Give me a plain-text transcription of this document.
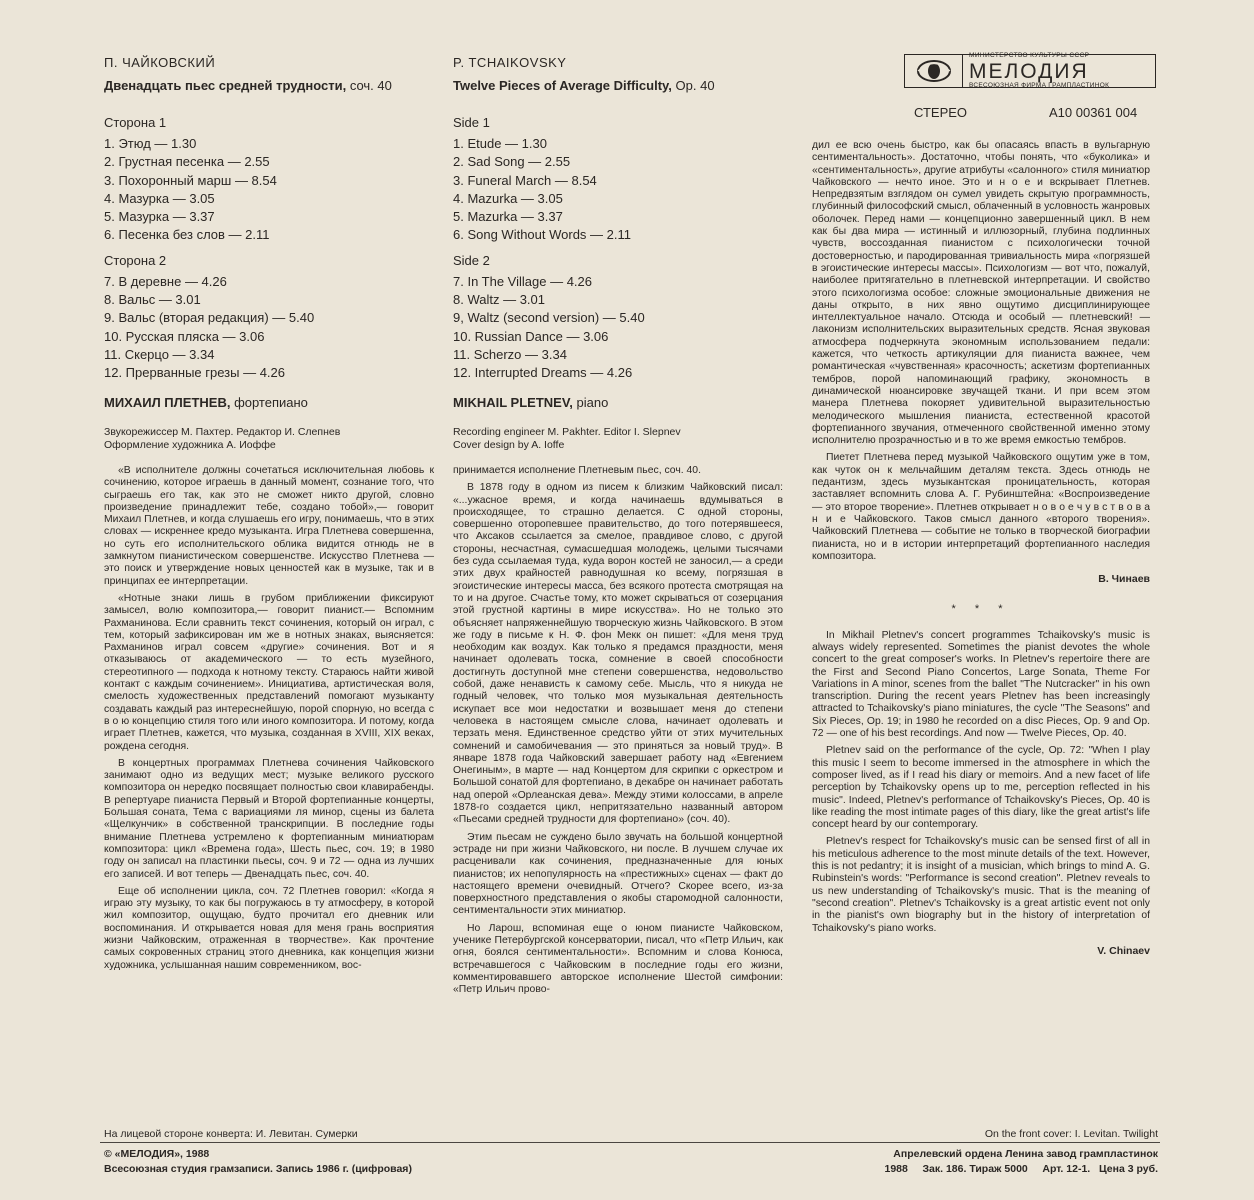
П. ЧАЙКОВСКИЙ
Двенадцать пьес средней трудности, соч. 40
Сторона 1
1. Этюд — 1.30
2. Грустная песенка — 2.55
3. Похоронный марш — 8.54
4. Мазурка — 3.05
5. Мазурка — 3.37
6. Песенка без слов — 2.11
Сторона 2
7. В деревне — 4.26
8. Вальс — 3.01
9. Вальс (вторая редакция) — 5.40
10. Русская пляска — 3.06
11. Скерцо — 3.34
12. Прерванные грезы — 4.26
МИХАИЛ ПЛЕТНЕВ, фортепиано
Звукорежиссер М. Пахтер. Редактор И. Слепнев
Оформление художника А. Иоффе
P. TCHAIKOVSKY
Twelve Pieces of Average Difficulty, Op. 40
Side 1
1. Etude — 1.30
2. Sad Song — 2.55
3. Funeral March — 8.54
4. Mazurka — 3.05
5. Mazurka — 3.37
6. Song Without Words — 2.11
Side 2
7. In The Village — 4.26
8. Waltz — 3.01
9, Waltz (second version) — 5.40
10. Russian Dance — 3.06
11. Scherzo — 3.34
12. Interrupted Dreams — 4.26
MIKHAIL PLETNEV, piano
Recording engineer M. Pakhter. Editor I. Slepnev
Cover design by A. Ioffe
МИНИСТЕРСТВО КУЛЬТУРЫ СССР
МЕЛОДИЯ
ВСЕСОЮЗНАЯ ФИРМА ГРАМПЛАСТИНОК
СТЕРЕО	А10 00361 004

«В исполнителе должны сочетаться исключительная любовь к сочинению, которое играешь в данный момент, сознание того, что сыграешь его так, как это не сможет никто другой, словно произведение принадлежит тебе, создано тобой»,— говорит Михаил Плетнев, и когда слушаешь его игру, понимаешь, что в этих словах — искреннее кредо музыканта. Игра Плетнева совершенна, но суть его исполнительского облика видится отнюдь не в замкнутом пианистическом совершенстве. Искусство Плетнева — это поиск и утверждение новых ценностей как в музыке, так и в принципах ее интерпретации.

«Нотные знаки лишь в грубом приближении фиксируют замысел, волю композитора,— говорит пианист.— Вспомним Рахманинова. Если сравнить текст сочинения, который он играл, с тем, который зафиксирован им же в нотных знаках, выясняется: Рахманинов играл совсем «другие» сочинения. Вот и я отказываюсь от академического — то есть музейного, стереотипного — подхода к нотному тексту. Стараюсь найти живой контакт с каждым сочинением». Инициатива, артистическая воля, смелость художественных представлений помогают музыканту создавать каждый раз интереснейшую, порой спорную, но всегда с в о ю концепцию стиля того или иного композитора. И потому, когда играет Плетнев, кажется, что музыка, созданная в XVIII, XIX веках, рождена сегодня.

В концертных программах Плетнева сочинения Чайковского занимают одно из ведущих мест; музыке великого русского композитора он нередко посвящает полностью свои клавирабенды. В репертуаре пианиста Первый и Второй фортепианные концерты, Большая соната, Тема с вариациями ля минор, сцены из балета «Щелкунчик» в собственной транскрипции. В последние годы внимание Плетнева устремлено к фортепианным миниатюрам композитора: цикл «Времена года», Шесть пьес, соч. 19; в 1980 году он записал на пластинки пьесы, соч. 9 и 72 — одна из лучших его записей. И вот теперь — Двенадцать пьес, соч. 40.

Еще об исполнении цикла, соч. 72 Плетнев говорил: «Когда я играю эту музыку, то как бы погружаюсь в ту атмосферу, в которой жил композитор, ощущаю, будто прочитал его дневник или воспоминания. И открывается новая для меня грань восприятия жизни Чайковским, отраженная в творчестве». Как прочтение самых сокровенных страниц этого дневника, как концепция жизни художника, услышанная нашим современником, вос-

принимается исполнение Плетневым пьес, соч. 40.

В 1878 году в одном из писем к близким Чайковский писал: «...ужасное время, и когда начинаешь вдумываться в происходящее, то страшно делается. С одной стороны, совершенно оторопевшее правительство, до того потерявшееся, что Аксаков ссылается за смелое, правдивое слово, с другой стороны, несчастная, сумасшедшая молодежь, целыми тысячами без суда ссылаемая туда, куда ворон костей не заносил,— а среди этих двух крайностей равнодушная ко всему, погрязшая в эгоистические интересы масса, без всякого протеста смотрящая на то и на другое. Счастье тому, кто может скрываться от созерцания этой грустной картины в мире искусства». Но не только это объясняет напряженнейшую творческую жизнь Чайковского. В этом же году в письме к Н. Ф. фон Мекк он пишет: «Для меня труд необходим как воздух. Как только я предамся праздности, меня начинает одолевать тоска, сомнение в своей способности достигнуть доступной мне степени совершенства, недовольство собой, даже ненависть к самому себе. Мысль, что я никуда не годный человек, что только моя музыкальная деятельность искупает все мои недостатки и возвышает меня до степени человека в настоящем смысле слова, начинает одолевать и терзать меня. Единственное средство уйти от этих мучительных сомнений и самобичевания — это приняться за новый труд». В январе 1878 года Чайковский завершает работу над «Евгением Онегиным», в марте — над Концертом для скрипки с оркестром и Большой сонатой для фортепиано, в декабре он начинает работать над оперой «Орлеанская дева». Между этими колоссами, в апреле 1878-го создается цикл, непритязательно названный автором «Пьесами средней трудности для фортепиано» (соч. 40).

Этим пьесам не суждено было звучать на большой концертной эстраде ни при жизни Чайковского, ни после. В лучшем случае их расценивали как сочинения, предназначенные для юных пианистов; их непопулярность на «престижных» сценах — факт до настоящего времени очевидный. Отчего? Скорее всего, из-за поверхностного представления о якобы старомодной салонности, сентиментальности этих миниатюр.

Но Ларош, вспоминая еще о юном пианисте Чайковском, ученике Петербургской консерватории, писал, что «Петр Ильич, как огня, боялся сентиментальности». Вспомним и слова Конюса, встречавшегося с Чайковским в последние годы его жизни, комментировавшего авторское исполнение Шестой симфонии: «Петр Ильич прово-

дил ее всю очень быстро, как бы опасаясь впасть в вульгарную сентиментальность». Достаточно, чтобы понять, что «буколика» и «сентиментальность», другие атрибуты «салонного» стиля миниатюр Чайковского — нечто иное. Это и н о е и вскрывает Плетнев. Непредвзятым взглядом он сумел увидеть скрытую программность, глубинный философский смысл, облаченный в условность жанровых оболочек. Перед нами — концепционно завершенный цикл. В нем как бы два мира — истинный и иллюзорный, глубина подлинных чувств, воссозданная пианистом с психологически точной достоверностью, и пародированная тривиальность мира «погрязшей в эгоистические интересы массы». Психологизм — вот что, пожалуй, наиболее притягательно в плетневской интерпретации. И свойство этого психологизма особое: сложные эмоциональные движения не даны открыто, в них явно ощутимо дисциплинирующее интеллектуальное начало. Отсюда и особый — плетневский! — лаконизм исполнительских выразительных средств. Ясная звуковая атмосфера подчеркнута экономным использованием педали: кажется, что четкость артикуляции для пианиста важнее, чем романтическая «чувственная» красочность; аскетизм фортепианных тембров, порой напоминающий графику, экономность в динамической нюансировке звучащей ткани. И при всем этом манера Плетнева покоряет удивительной выразительностью мелодического мышления пианиста, естественной красотой фортепианного звучания, отмеченного свойственной именно этому исполнителю прозрачностью и в то же время емкостью тембров.

Пиетет Плетнева перед музыкой Чайковского ощутим уже в том, как чуток он к мельчайшим деталям текста. Здесь отнюдь не педантизм, здесь музыкантская проницательность, которая заставляет вспомнить слова А. Г. Рубинштейна: «Воспроизведение — это второе творение». Плетнев открывает н о в о е ч у в с т в о в а н и е Чайковского. Таков смысл данного «второго творения». Чайковский Плетнева — событие не только в творческой биографии пианиста, но и в истории интерпретаций фортепианного наследия композитора.

В. Чинаев
* * *

In Mikhail Pletnev's concert programmes Tchaikovsky's music is always widely represented. Sometimes the pianist devotes the whole concert to the great composer's works. In Pletnev's repertoire there are the First and Second Piano Concertos, Large Sonata, Theme For Variations in A minor, scenes from the ballet "The Nutcracker" in his own transcription. During the recent years Pletnev has been increasingly attracted to Tchaikovsky's piano miniatures, the cycle "The Seasons" and Six Pieces, Op. 19; in 1980 he recorded on a disc Pieces, Op. 9 and Op. 72 — one of his best recordings. And now — Twelve Pieces, Op. 40.

Pletnev said on the performance of the cycle, Op. 72: "When I play this music I seem to become immersed in the atmosphere in which the composer lived, as if I read his diary or memoirs. And a new facet of life perception by Tchaikovsky opens up to me, perception reflected in his music". Indeed, Pletnev's performance of Tchaikovsky's Pieces, Op. 40 is like reading the most intimate pages of this diary, like the great artist's life concept heard by our contemporary.

Pletnev's respect for Tchaikovsky's music can be sensed first of all in his meticulous adherence to the most minute details of the text. However, this is not pedantry; it is insight of a musician, which brings to mind A. G. Rubinstein's words: "Performance is second creation". Pletnev reveals to us new understanding of Tchaikovsky's music. That is the meaning of "second creation". Pletnev's Tchaikovsky is a great artistic event not only in the pianist's own biography but in the history of interpretation of Tchaikovsky's piano works.

V. Chinaev
На лицевой стороне конверта: И. Левитан. Сумерки	On the front cover: I. Levitan. Twilight
© «МЕЛОДИЯ», 1988
Всесоюзная студия грамзаписи. Запись 1986 г. (цифровая)
Апрелевский ордена Ленина завод грампластинок
1988 Зак. 186. Тираж 5000 Арт. 12-1. Цена 3 руб.
